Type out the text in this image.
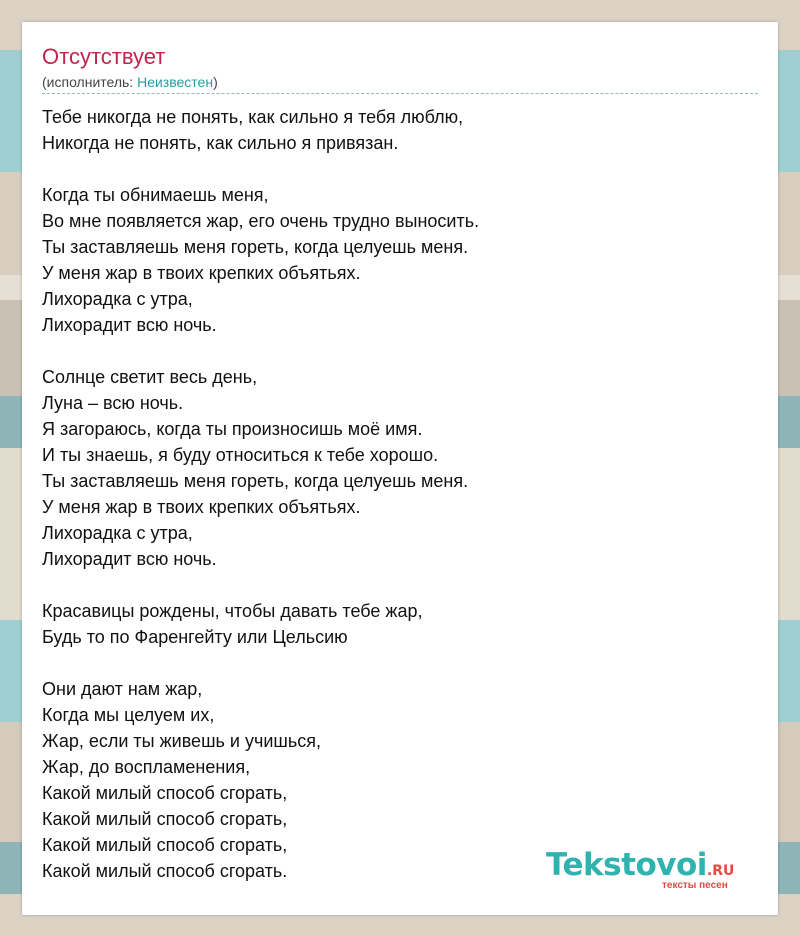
Отсутствует
(исполнитель: Неизвестен)
Тебе никогда не понять, как сильно я тебя люблю,
Никогда не понять, как сильно я привязан.
Когда ты обнимаешь меня,
Во мне появляется жар, его очень трудно выносить.
Ты заставляешь меня гореть, когда целуешь меня.
У меня жар в твоих крепких объятьях.
Лихорадка с утра,
Лихорадит всю ночь.
Солнце светит весь день,
Луна – всю ночь.
Я загораюсь, когда ты произносишь моё имя.
И ты знаешь, я буду относиться к тебе хорошо.
Ты заставляешь меня гореть, когда целуешь меня.
У меня жар в твоих крепких объятьях.
Лихорадка с утра,
Лихорадит всю ночь.
Красавицы рождены, чтобы давать тебе жар,
Будь то по Фаренгейту или Цельсию
Они дают нам жар,
Когда мы целуем их,
Жар, если ты живешь и учишься,
Жар, до воспламенения,
Какой милый способ сгорать,
Какой милый способ сгорать,
Какой милый способ сгорать,
Какой милый способ сгорать.	Tekstovoi.RU
тексты песен
